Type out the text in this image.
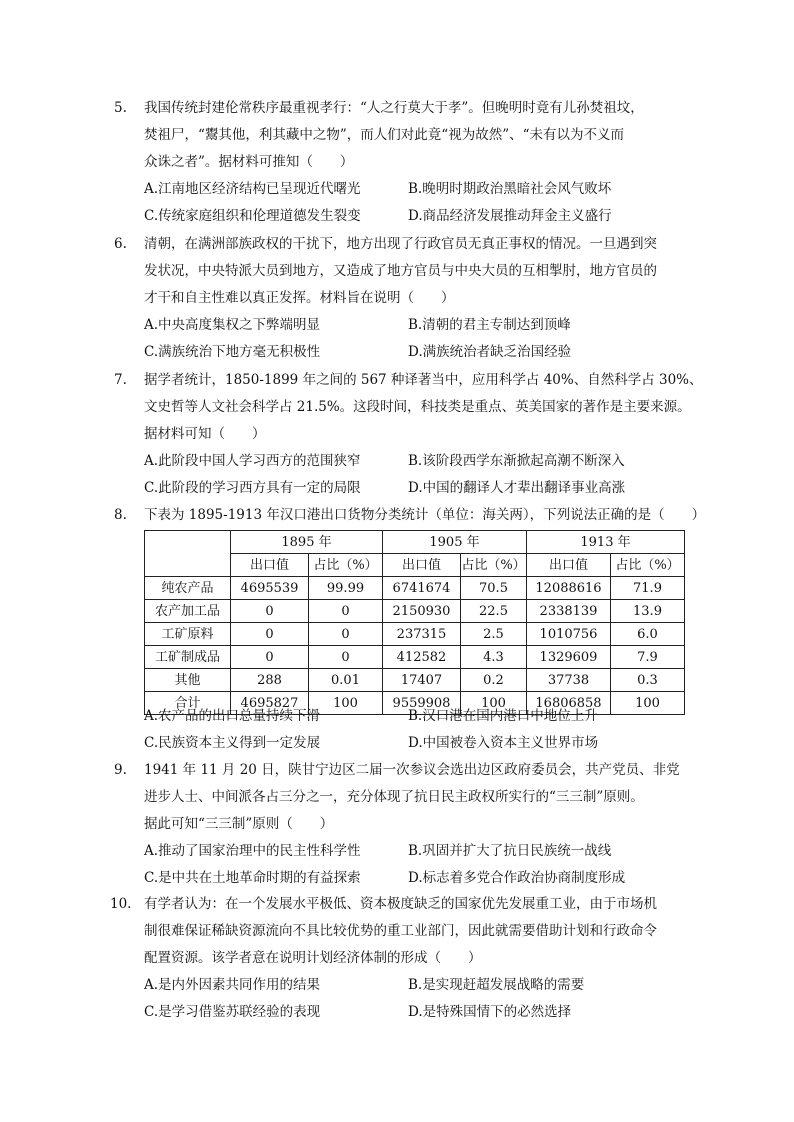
5. 我国传统封建伦常秩序最重视孝行：“人之行莫大于孝”。但晚明时竟有儿孙焚祖坟，
焚祖尸，“鬻其他，利其藏中之物”，而人们对此竟“视为故然”、“未有以为不义而
众诛之者”。据材料可推知（　　）
A.江南地区经济结构已呈现近代曙光	B.晚明时期政治黑暗社会风气败坏
C.传统家庭组织和伦理道德发生裂变	D.商品经济发展推动拜金主义盛行
6. 清朝，在满洲部族政权的干扰下，地方出现了行政官员无真正事权的情况。一旦遇到突
发状况，中央特派大员到地方，又造成了地方官员与中央大员的互相掣肘，地方官员的
才干和自主性难以真正发挥。材料旨在说明（　　）
A.中央高度集权之下弊端明显	B.清朝的君主专制达到顶峰
C.满族统治下地方毫无积极性	D.满族统治者缺乏治国经验
7. 据学者统计，1850-1899 年之间的 567 种译著当中，应用科学占 40%、自然科学占 30%、
文史哲等人文社会科学占 21.5%。这段时间，科技类是重点、英美国家的著作是主要来源。
据材料可知（　　）
A.此阶段中国人学习西方的范围狭窄	B.该阶段西学东渐掀起高潮不断深入
C.此阶段的学习西方具有一定的局限	D.中国的翻译人才辈出翻译事业高涨
8. 下表为 1895-1913 年汉口港出口货物分类统计（单位：海关两），下列说法正确的是（　　）
	1895 年		1905 年		1913 年	
	出口值	占比（%）	出口值	占比（%）	出口值	占比（%）
纯农产品	4695539	99.99	6741674	70.5	12088616	71.9
农产加工品	0	0	2150930	22.5	2338139	13.9
工矿原料	0	0	237315	2.5	1010756	6.0
工矿制成品	0	0	412582	4.3	1329609	7.9
其他	288	0.01	17407	0.2	37738	0.3
合计	4695827	100	9559908	100	16806858	100
A.农产品的出口总量持续下滑	B.汉口港在国内港口中地位上升
C.民族资本主义得到一定发展	D.中国被卷入资本主义世界市场
9. 1941 年 11 月 20 日，陕甘宁边区二届一次参议会选出边区政府委员会，共产党员、非党
进步人士、中间派各占三分之一，充分体现了抗日民主政权所实行的“三三制”原则。
据此可知“三三制”原则（　　）
A.推动了国家治理中的民主性科学性	B.巩固并扩大了抗日民族统一战线
C.是中共在土地革命时期的有益探索	D.标志着多党合作政治协商制度形成
10. 有学者认为：在一个发展水平极低、资本极度缺乏的国家优先发展重工业，由于市场机
制很难保证稀缺资源流向不具比较优势的重工业部门，因此就需要借助计划和行政命令
配置资源。该学者意在说明计划经济体制的形成（　　）
A.是内外因素共同作用的结果	B.是实现赶超发展战略的需要
C.是学习借鉴苏联经验的表现	D.是特殊国情下的必然选择
